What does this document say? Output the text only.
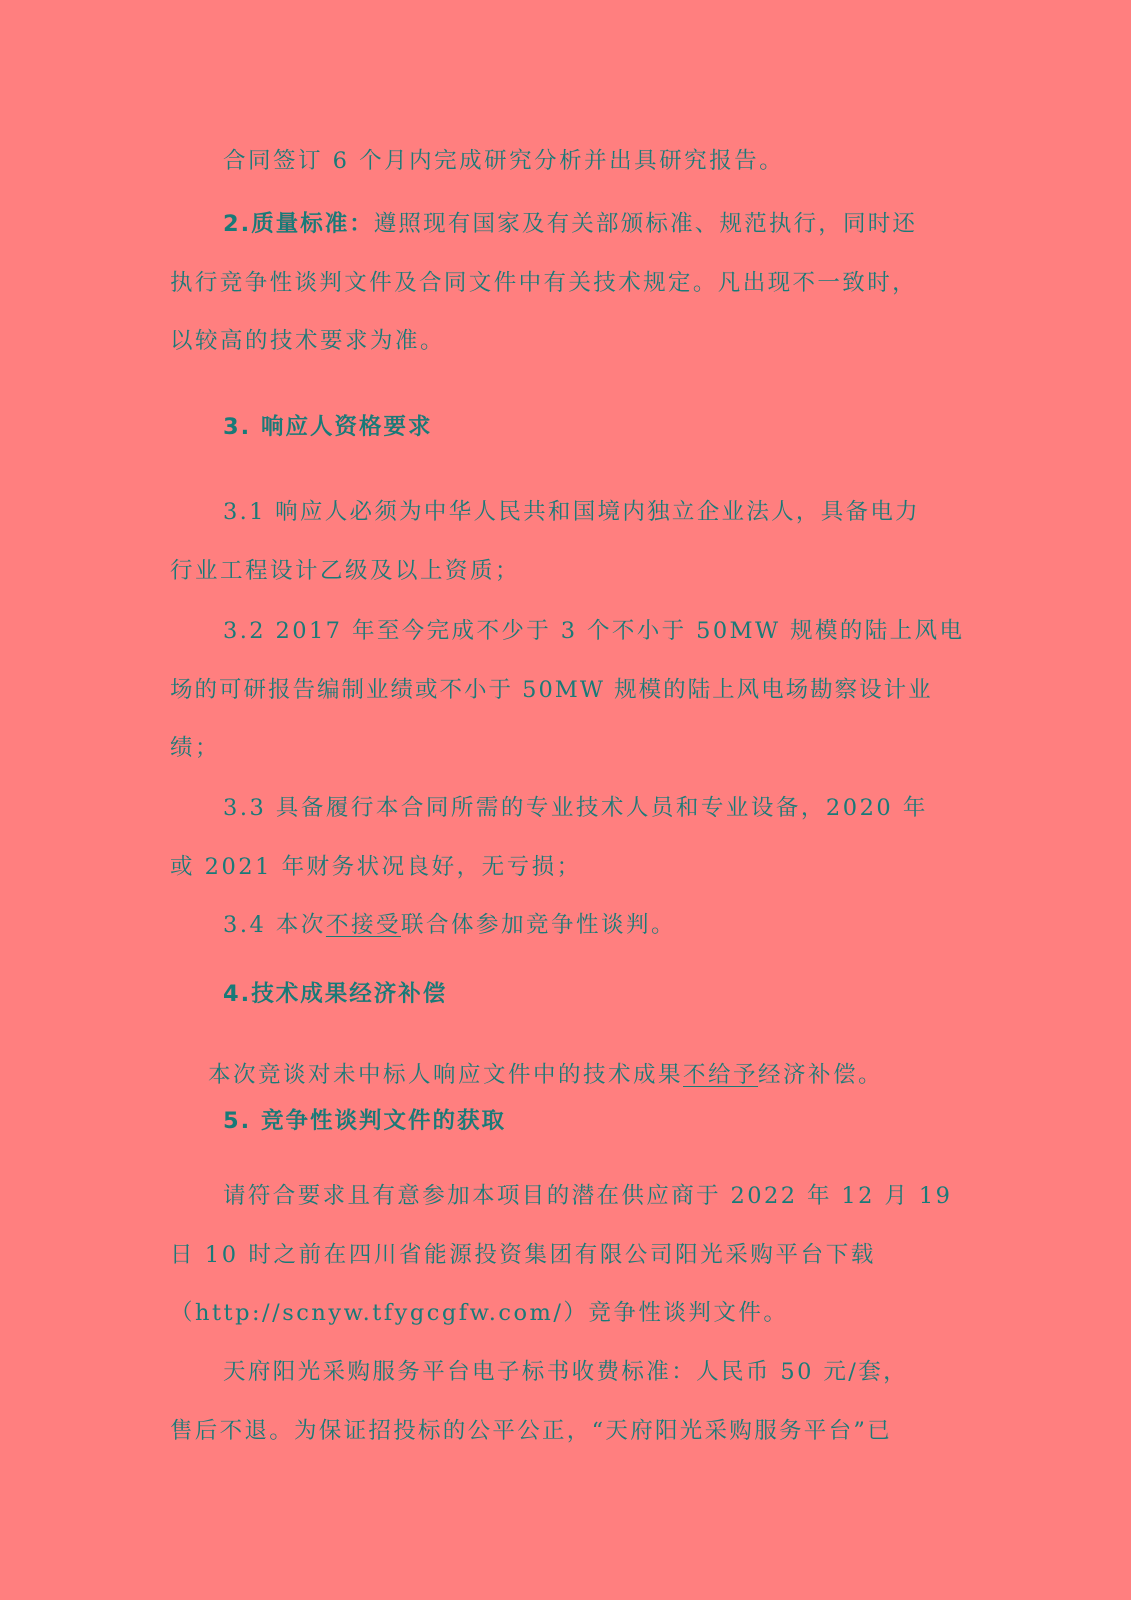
合同签订 6 个月内完成研究分析并出具研究报告。
2.质量标准：遵照现有国家及有关部颁标准、规范执行，同时还
执行竞争性谈判文件及合同文件中有关技术规定。凡出现不一致时，
以较高的技术要求为准。
3. 响应人资格要求
3.1 响应人必须为中华人民共和国境内独立企业法人，具备电力
行业工程设计乙级及以上资质；
3.2 2017 年至今完成不少于 3 个不小于 50MW 规模的陆上风电
场的可研报告编制业绩或不小于 50MW 规模的陆上风电场勘察设计业
绩；
3.3 具备履行本合同所需的专业技术人员和专业设备，2020 年
或 2021 年财务状况良好，无亏损；
3.4 本次不接受联合体参加竞争性谈判。
4.技术成果经济补偿
本次竞谈对未中标人响应文件中的技术成果不给予经济补偿。
5. 竞争性谈判文件的获取
请符合要求且有意参加本项目的潜在供应商于 2022 年 12 月 19
日 10 时之前在四川省能源投资集团有限公司阳光采购平台下载
（http://scnyw.tfygcgfw.com/）竞争性谈判文件。
天府阳光采购服务平台电子标书收费标准：人民币 50 元/套，
售后不退。为保证招投标的公平公正，“天府阳光采购服务平台”已
